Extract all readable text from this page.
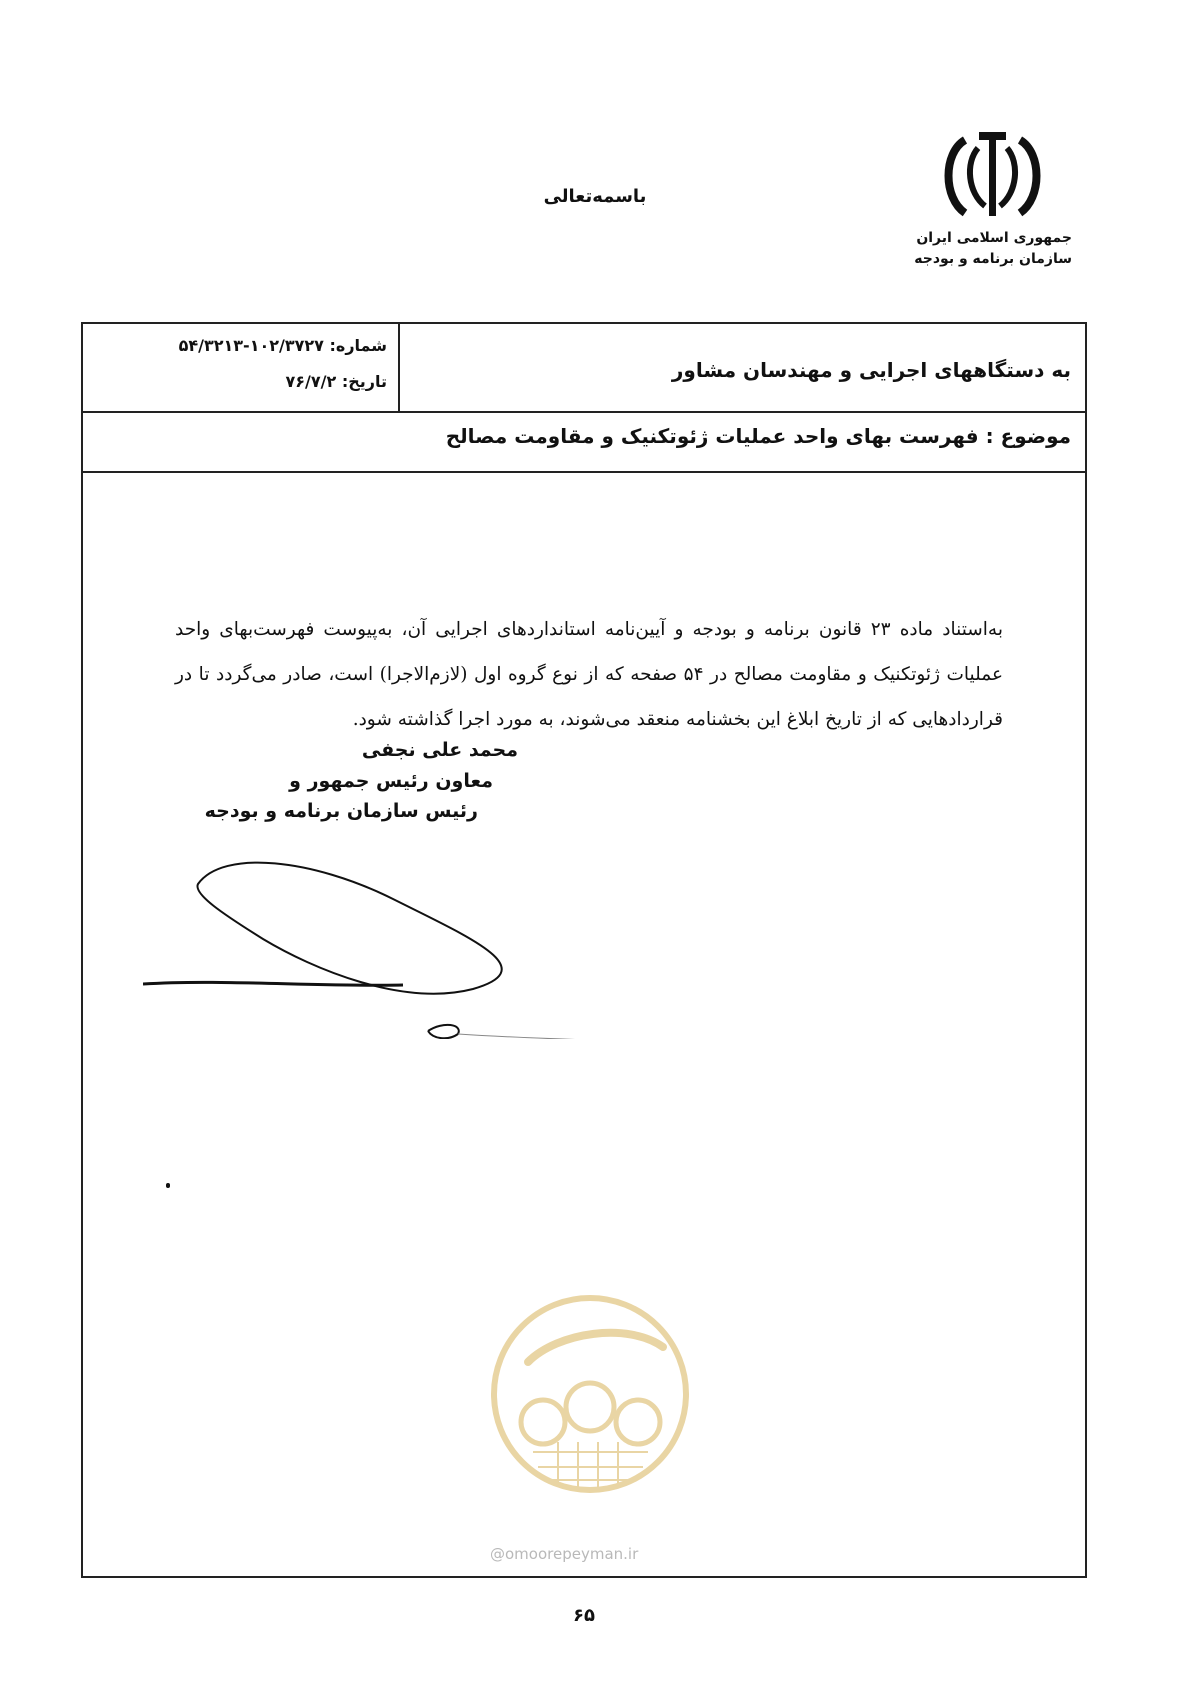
جمهوری اسلامی ایران
سازمان برنامه و بودجه
باسمه‌تعالی
به دستگاههای اجرایی و مهندسان مشاور
شماره: ۱۰۲/۳۷۲۷-۵۴/۳۲۱۳
تاریخ: ۷۶/۷/۲
موضوع : فهرست بهای واحد عملیات ژئوتکنیک و مقاومت مصالح

به‌استناد ماده ۲۳ قانون برنامه و بودجه و آیین‌نامه استانداردهای اجرایی آن، به‌پیوست فهرست‌بهای واحد عملیات ژئوتکنیک و مقاومت مصالح در ۵۴ صفحه که از نوع گروه اول (لازم‌الاجرا) است، صادر می‌گردد تا در قراردادهایی که از تاریخ ابلاغ این بخشنامه منعقد می‌شوند، به مورد اجرا گذاشته شود.

محمد علی نجفی
معاون رئیس جمهور و
رئیس سازمان برنامه و بودجه
@omoorepeyman.ir
۶۵
